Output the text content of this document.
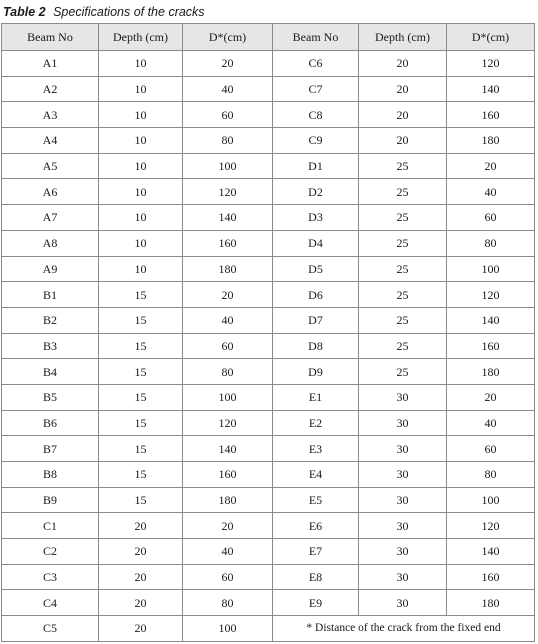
Table 2 Specifications of the cracks
Beam No	Depth (cm)	D*(cm)	Beam No	Depth (cm)	D*(cm)
A1	10	20	C6	20	120
A2	10	40	C7	20	140
A3	10	60	C8	20	160
A4	10	80	C9	20	180
A5	10	100	D1	25	20
A6	10	120	D2	25	40
A7	10	140	D3	25	60
A8	10	160	D4	25	80
A9	10	180	D5	25	100
B1	15	20	D6	25	120
B2	15	40	D7	25	140
B3	15	60	D8	25	160
B4	15	80	D9	25	180
B5	15	100	E1	30	20
B6	15	120	E2	30	40
B7	15	140	E3	30	60
B8	15	160	E4	30	80
B9	15	180	E5	30	100
C1	20	20	E6	30	120
C2	20	40	E7	30	140
C3	20	60	E8	30	160
C4	20	80	E9	30	180
C5	20	100	* Distance of the crack from the fixed end		
